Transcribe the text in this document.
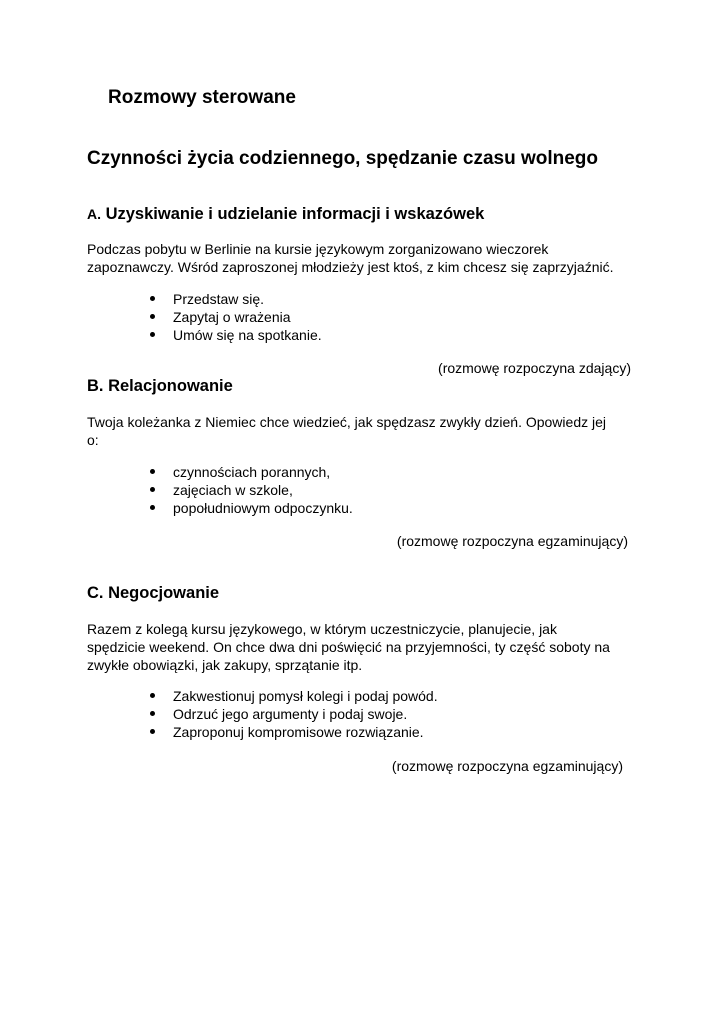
Rozmowy sterowane
Czynności życia codziennego, spędzanie czasu wolnego
A. Uzyskiwanie i udzielanie informacji i wskazówek
Podczas pobytu w Berlinie na kursie językowym zorganizowano wieczorek
zapoznawczy. Wśród zaproszonej młodzieży jest ktoś, z kim chcesz się zaprzyjaźnić.
Przedstaw się.
Zapytaj o wrażenia
Umów się na spotkanie.
(rozmowę rozpoczyna zdający)
B. Relacjonowanie
Twoja koleżanka z Niemiec chce wiedzieć, jak spędzasz zwykły dzień. Opowiedz jej
o:
czynnościach porannych,
zajęciach w szkole,
popołudniowym odpoczynku.
(rozmowę rozpoczyna egzaminujący)
C. Negocjowanie
Razem z kolegą kursu językowego, w którym uczestniczycie, planujecie, jak
spędzicie weekend. On chce dwa dni poświęcić na przyjemności, ty część soboty na
zwykłe obowiązki, jak zakupy, sprzątanie itp.
Zakwestionuj pomysł kolegi i podaj powód.
Odrzuć jego argumenty i podaj swoje.
Zaproponuj kompromisowe rozwiązanie.
(rozmowę rozpoczyna egzaminujący)
